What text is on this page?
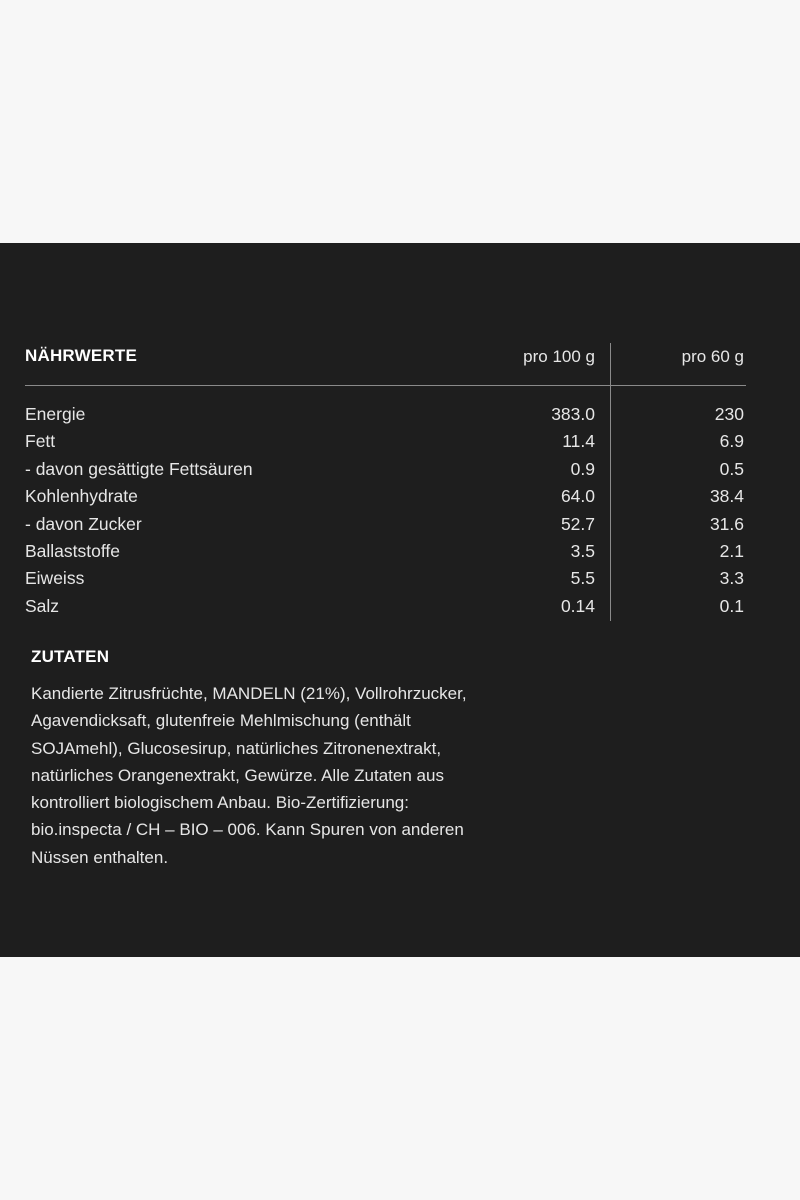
NÄHRWERTE	pro 100 g	pro 60 g
Energie	383.0	230
Fett	11.4	6.9
- davon gesättigte Fettsäuren	0.9	0.5
Kohlenhydrate	64.0	38.4
- davon Zucker	52.7	31.6
Ballaststoffe	3.5	2.1
Eiweiss	5.5	3.3
Salz	0.14	0.1
ZUTATEN

Kandierte Zitrusfrüchte, MANDELN (21%), Vollrohrzucker,
Agavendicksaft, glutenfreie Mehlmischung (enthält
SOJAmehl), Glucosesirup, natürliches Zitronenextrakt,
natürliches Orangenextrakt, Gewürze. Alle Zutaten aus
kontrolliert biologischem Anbau. Bio-Zertifizierung:
bio.inspecta / CH – BIO – 006. Kann Spuren von anderen
Nüssen enthalten.
